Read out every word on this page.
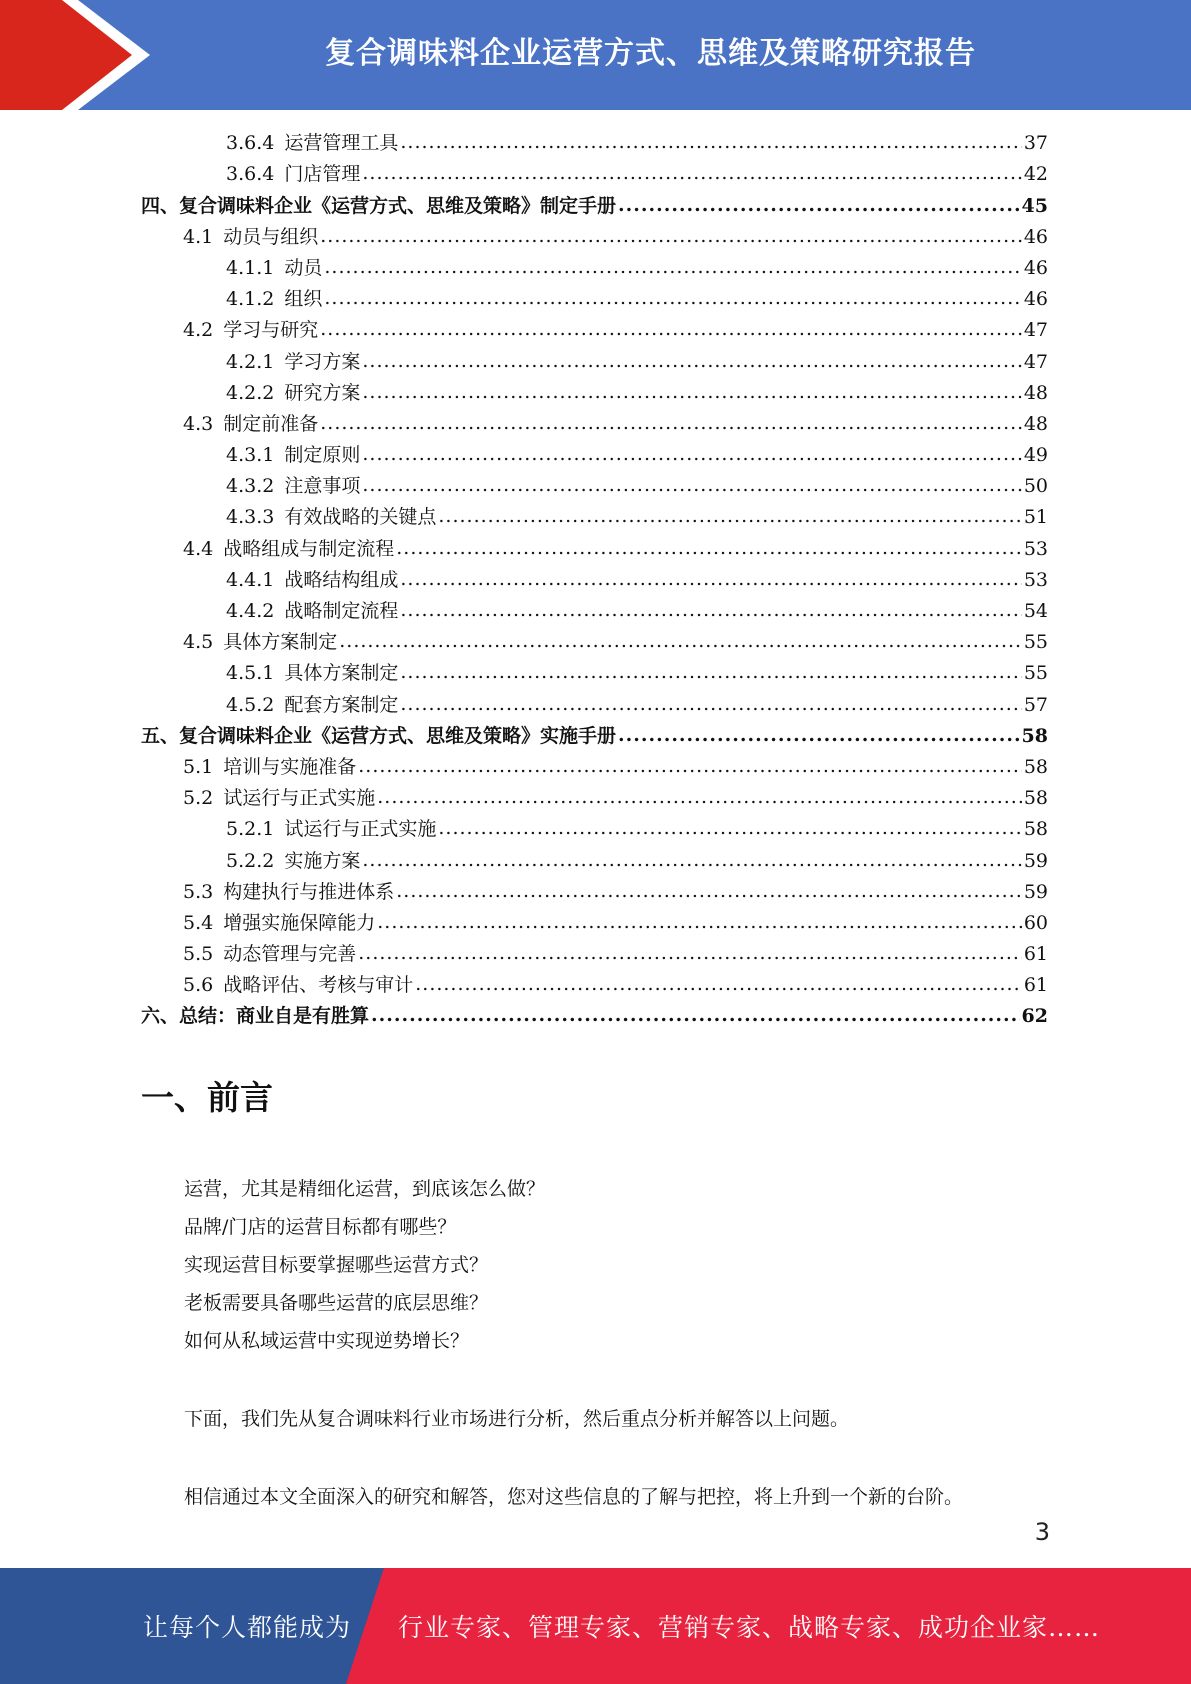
复合调味料企业运营方式、思维及策略研究报告
3.6.4 运营管理工具 .....	37
3.6.4 门店管理 .....	42
四、复合调味料企业《运营方式、思维及策略》制定手册 .....	45
4.1 动员与组织 .....	46
4.1.1 动员 .....	46
4.1.2 组织 .....	46
4.2 学习与研究 .....	47
4.2.1 学习方案 .....	47
4.2.2 研究方案 .....	48
4.3 制定前准备 .....	48
4.3.1 制定原则 .....	49
4.3.2 注意事项 .....	50
4.3.3 有效战略的关键点 .....	51
4.4 战略组成与制定流程 .....	53
4.4.1 战略结构组成 .....	53
4.4.2 战略制定流程 .....	54
4.5 具体方案制定 .....	55
4.5.1 具体方案制定 .....	55
4.5.2 配套方案制定 .....	57
五、复合调味料企业《运营方式、思维及策略》实施手册 .....	58
5.1 培训与实施准备 .....	58
5.2 试运行与正式实施 .....	58
5.2.1 试运行与正式实施 .....	58
5.2.2 实施方案 .....	59
5.3 构建执行与推进体系 .....	59
5.4 增强实施保障能力 .....	60
5.5 动态管理与完善 .....	61
5.6 战略评估、考核与审计 .....	61
六、总结：商业自是有胜算 .....	62
一、前言
运营，尤其是精细化运营，到底该怎么做？
品牌/门店的运营目标都有哪些？
实现运营目标要掌握哪些运营方式？
老板需要具备哪些运营的底层思维？
如何从私域运营中实现逆势增长？
下面，我们先从复合调味料行业市场进行分析，然后重点分析并解答以上问题。
相信通过本文全面深入的研究和解答，您对这些信息的了解与把控，将上升到一个新的台阶。
3
让每个人都能成为 行业专家、管理专家、营销专家、战略专家、成功企业家……
